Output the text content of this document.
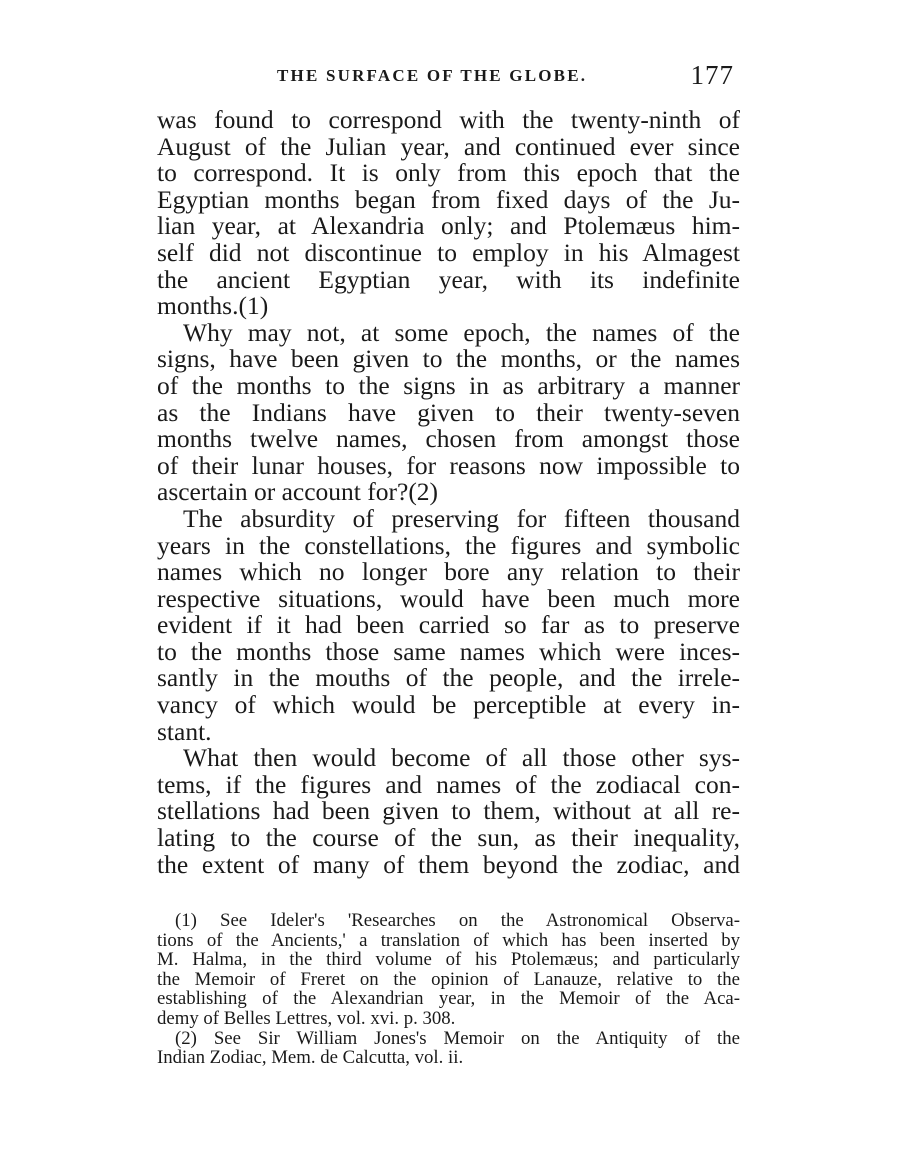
THE SURFACE OF THE GLOBE.	177
was found to correspond with the twenty-ninth of
August of the Julian year, and continued ever since
to correspond. It is only from this epoch that the
Egyptian months began from fixed days of the Ju-
lian year, at Alexandria only; and Ptolemæus him-
self did not discontinue to employ in his Almagest
the ancient Egyptian year, with its indefinite
months.(1)
Why may not, at some epoch, the names of the
signs, have been given to the months, or the names
of the months to the signs in as arbitrary a manner
as the Indians have given to their twenty-seven
months twelve names, chosen from amongst those
of their lunar houses, for reasons now impossible to
ascertain or account for?(2)
The absurdity of preserving for fifteen thousand
years in the constellations, the figures and symbolic
names which no longer bore any relation to their
respective situations, would have been much more
evident if it had been carried so far as to preserve
to the months those same names which were inces-
santly in the mouths of the people, and the irrele-
vancy of which would be perceptible at every in-
stant.
What then would become of all those other sys-
tems, if the figures and names of the zodiacal con-
stellations had been given to them, without at all re-
lating to the course of the sun, as their inequality,
the extent of many of them beyond the zodiac, and
(1) See Ideler's 'Researches on the Astronomical Observa-
tions of the Ancients,' a translation of which has been inserted by
M. Halma, in the third volume of his Ptolemæus; and particularly
the Memoir of Freret on the opinion of Lanauze, relative to the
establishing of the Alexandrian year, in the Memoir of the Aca-
demy of Belles Lettres, vol. xvi. p. 308.
(2) See Sir William Jones's Memoir on the Antiquity of the
Indian Zodiac, Mem. de Calcutta, vol. ii.
